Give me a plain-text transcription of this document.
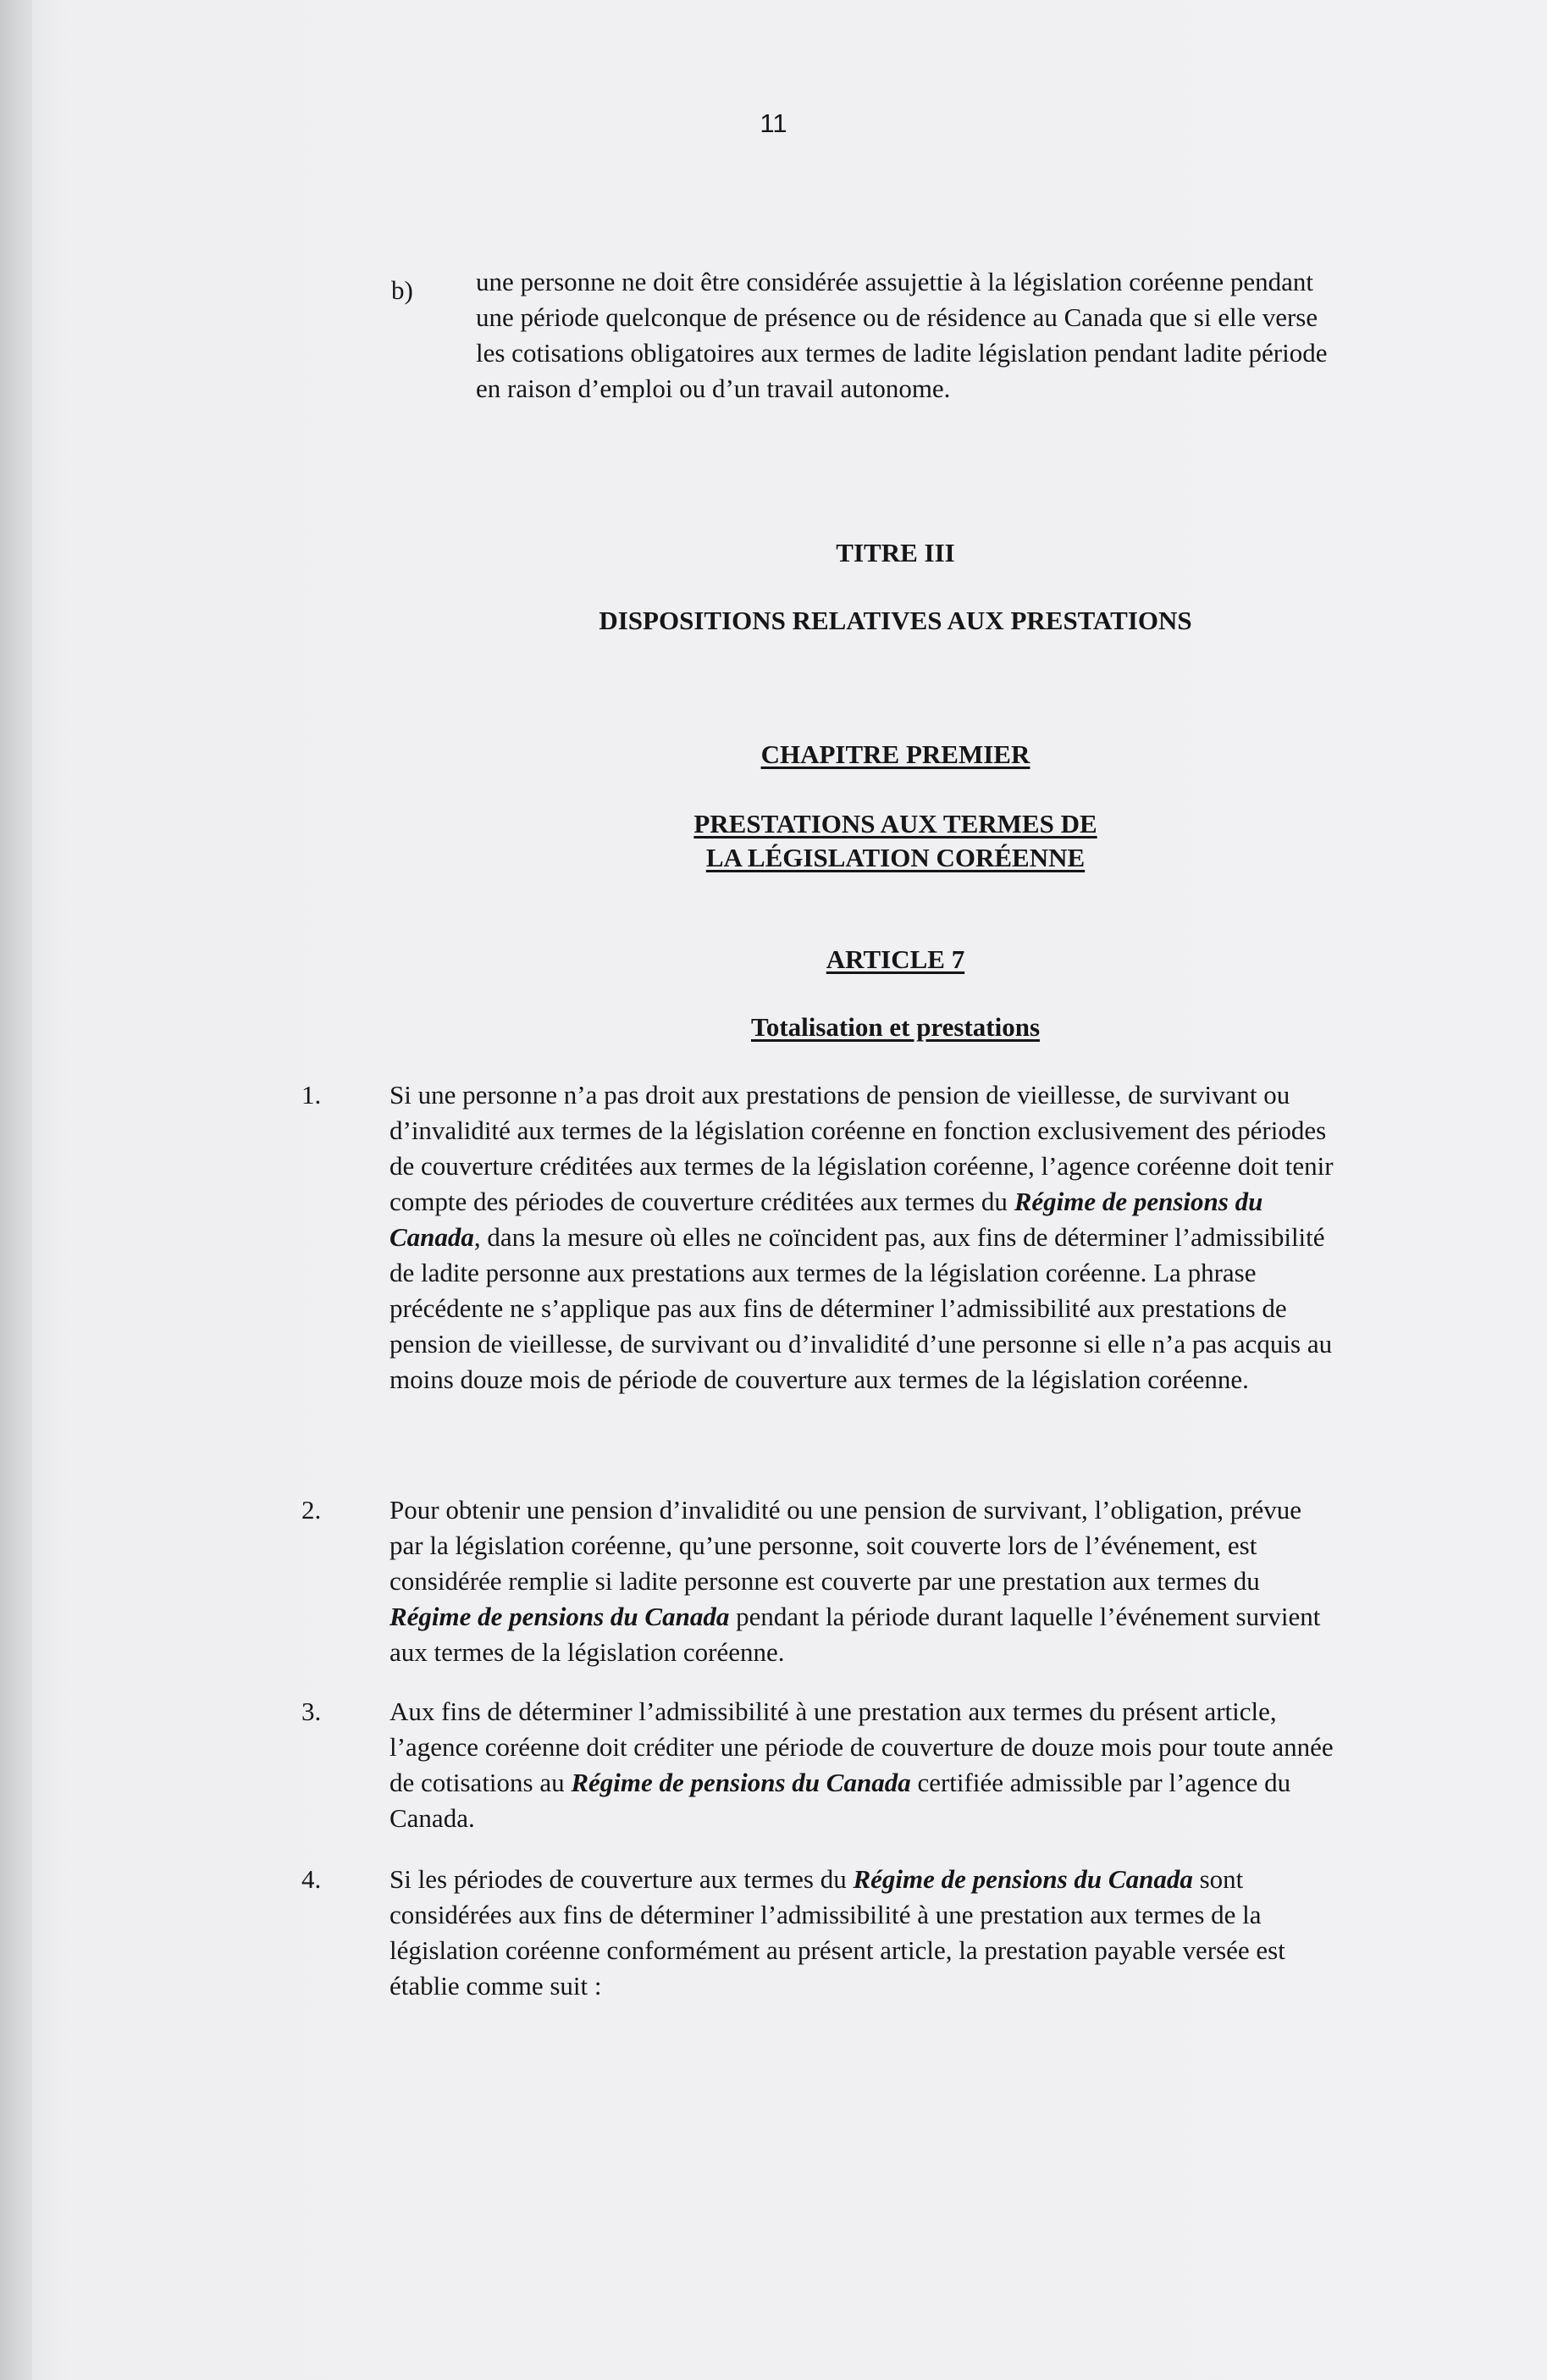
11
b) une personne ne doit être considérée assujettie à la législation coréenne pendant une période quelconque de présence ou de résidence au Canada que si elle verse les cotisations obligatoires aux termes de ladite législation pendant ladite période en raison d’emploi ou d’un travail autonome.
TITRE III
DISPOSITIONS RELATIVES AUX PRESTATIONS
CHAPITRE PREMIER
PRESTATIONS AUX TERMES DE
LA LÉGISLATION CORÉENNE
ARTICLE 7
Totalisation et prestations
1.	Si une personne n’a pas droit aux prestations de pension de vieillesse, de survivant ou d’invalidité aux termes de la législation coréenne en fonction exclusivement des périodes de couverture créditées aux termes de la législation coréenne, l’agence coréenne doit tenir compte des périodes de couverture créditées aux termes du Régime de pensions du Canada, dans la mesure où elles ne coïncident pas, aux fins de déterminer l’admissibilité de ladite personne aux prestations aux termes de la législation coréenne. La phrase précédente ne s’applique pas aux fins de déterminer l’admissibilité aux prestations de pension de vieillesse, de survivant ou d’invalidité d’une personne si elle n’a pas acquis au moins douze mois de période de couverture aux termes de la législation coréenne.
2.	Pour obtenir une pension d’invalidité ou une pension de survivant, l’obligation, prévue par la législation coréenne, qu’une personne, soit couverte lors de l’événement, est considérée remplie si ladite personne est couverte par une prestation aux termes du Régime de pensions du Canada pendant la période durant laquelle l’événement survient aux termes de la législation coréenne.
3.	Aux fins de déterminer l’admissibilité à une prestation aux termes du présent article, l’agence coréenne doit créditer une période de couverture de douze mois pour toute année de cotisations au Régime de pensions du Canada certifiée admissible par l’agence du Canada.
4.	Si les périodes de couverture aux termes du Régime de pensions du Canada sont considérées aux fins de déterminer l’admissibilité à une prestation aux termes de la législation coréenne conformément au présent article, la prestation payable versée est établie comme suit :
